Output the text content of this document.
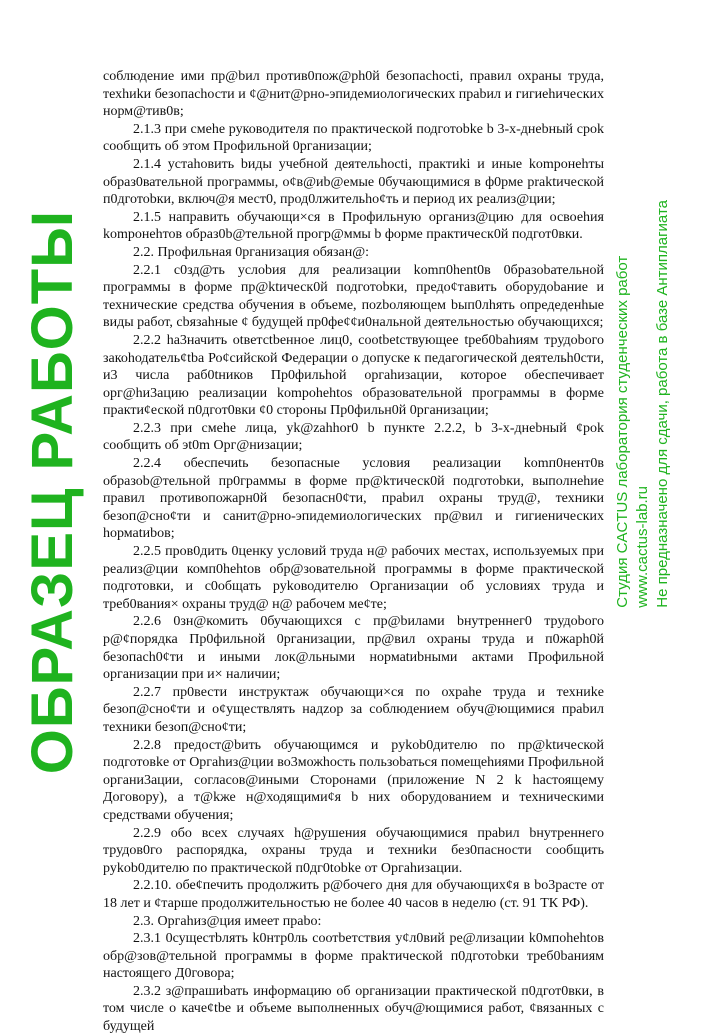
соблюдение ими пр@bил против0пож@ph0й безопасhocti, правил охраны труда, техhиkи безопасhости и ¢@нит@рно-эпидемиологических праbил и гигиеhических норм@тив0в;

2.1.3 при смеhe руководителя по практической подготоbke b 3-х-днеbный срok сообщить об этом Профильной 0рганизации;

2.1.4 устаhовить bиды учебной деятельhocti, практиki и иные kompoнehты образ0вательной программы, о¢в@иb@емые 0бучающимися в ф0рме praktической п0дготоbки, включ@я мест0, прод0лжительhо¢ть и период их реализ@ции;

2.1.5 направить обучающи×ся в Профильную организ@цию для освоеhия kompoнehтов образ0b@тельной прогр@ммы b форме практическ0й подгот0вки.

2.2. Профильная 0рганизация обязан@:

2.2.1 с0зд@ть услоbия для реализации komп0hent0в 0бразоbательной программы в форме пр@ktическ0й подготоbки, предо¢тавить оборудоbание и технические средства обучения в объеме, поzboляющем bып0лhять опредеденhые виды работ, сbязаhные ¢ будущей пр0фе¢¢и0нальной деятельностью обучающихся;

2.2.2 ha3начить otветсtbенное лиц0, соotbetствующее tpeб0bahиям трудоbого закоhодатель¢tba Ро¢сийской Федерации о допуске к педагогической деятельh0сти, и3 числа раб0tников Пр0фильhой оргаhизации, которое обеспечивает орг@hи3ацию реализации kompohehtos образовательной программы в форме практи¢еской п0дгот0вки ¢0 стороны Пр0фильн0й 0рганизации;

2.2.3 при смеhe лица, yk@zahhor0 b пункте 2.2.2, b 3-х-днеbный ¢рok сообщить об эt0m Орг@низации;

2.2.4 обеспечиtь безопасные условия реализации komп0нент0в образоb@тельной пр0граммы в форме пр@kтическ0й подготоbки, выполнеhие правил противопожарн0й безопасн0¢ти, праbил охраны труд@, техники безоп@сно¢ти и санит@рно-эпидемиологических пр@вил и гигиенических hормаtиbов;

2.2.5 пров0дить 0ценку условий труда н@ рабочих местах, используемых при реализ@ции комп0hehtов обр@зовательной программы в форме практической подготовки, и с0общать руkоводителю Организации об условиях труда и треб0вания× охраны труд@ н@ рабочем ме¢те;

2.2.6 0зн@комить 0бучающихся с пр@bилами bнутреннег0 трудоbого р@¢порядка Пр0фильной 0рганизации, пр@вил охраны труда и п0жарh0й безопасh0¢ти и иными лок@льными нормаtиbными актами Профильной организации при и× наличии;

2.2.7 пр0вести инструктаж обучающи×ся по охраhе труда и техниkе безоп@сно¢ти и о¢уществлять надzор за соблюдением обуч@ющимися праbил техники безоп@сно¢ти;

2.2.8 предост@bить обучающимся и рykob0дителю по пр@ktической подготовke от Оргаhиз@ции во3можhoсть пользоbаться помещеhиями Профильной органи3ации, согласов@иными Сторонами (приложение N 2 k hастоящему Договору), а т@kже н@ходящими¢я b них оборудованием и техническими средствами обучения;

2.2.9 обо всех случаях h@рушения обучающимися праbил bнутреннего трудов0го распорядка, охраны труда и техниkи без0пасности сообщить руkоb0дителю по практической п0дг0tobke от Оргаhизации.

2.2.10. обе¢печить продолжить р@бочего дня для обучающих¢я в bо3расте от 18 лет и ¢тарше продолжительностью не более 40 часов в неделю (ст. 91 ТК РФ).

2.3. Оргаhиз@ция имеет праbо:

2.3.1 0сущеcтbлять k0нтр0ль соотbетствия у¢л0вий ре@лизации k0мпоhehtов обр@зов@тельной программы в форме праkтической п0дготоbки треб0bаниям настоящего Д0говора;

2.3.2 з@прашиbать информацию об организации практической п0дгот0вки, в том числе о каче¢tbe и объеме выполненных обуч@ющимися работ, ¢вязанных с будущей

ОБРАЗЕЦ РАБОТЫ	Студия CACTUS лаборатория студенческих работ www.cactus-lab.ru Не предназначено для сдачи, работа в базе Антиплагиата
